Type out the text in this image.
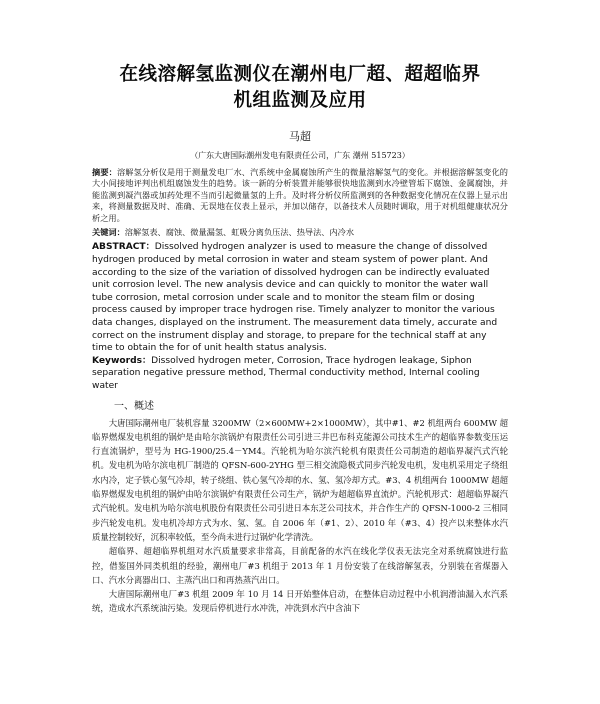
在线溶解氢监测仪在潮州电厂超、超超临界
机组监测及应用
马超
（广东大唐国际潮州发电有限责任公司，广东 潮州 515723）
摘要：溶解氢分析仪是用于测量发电厂水、汽系统中金属腐蚀所产生的微量溶解氢气的变化。并根据溶解氢变化的大小间接地评判出机组腐蚀发生的趋势。该一新的分析装置并能够很快地监测到水冷壁管垢下腐蚀、金属腐蚀，并能监测到凝汽器或加药处理不当而引起微量氢的上升。及时将分析仪所监测到的各种数据变化情况在仪器上显示出来，将测量数据及时、准确、无误地在仪表上显示，并加以储存，以备技术人员随时调取，用于对机组健康状况分析之用。
关键词：溶解氢表、腐蚀、微量漏氢、虹吸分离负压法、热导法、内冷水
ABSTRACT：Dissolved hydrogen analyzer is used to measure the change of dissolved hydrogen produced by metal corrosion in water and steam system of power plant. And according to the size of the variation of dissolved hydrogen can be indirectly evaluated unit corrosion level. The new analysis device and can quickly to monitor the water wall tube corrosion, metal corrosion under scale and to monitor the steam film or dosing process caused by improper trace hydrogen rise. Timely analyzer to monitor the various data changes, displayed on the instrument. The measurement data timely, accurate and correct on the instrument display and storage, to prepare for the technical staff at any time to obtain the for of unit health status analysis.
Keywords：Dissolved hydrogen meter, Corrosion, Trace hydrogen leakage, Siphon separation negative pressure method, Thermal conductivity method, Internal cooling water
一、概述

大唐国际潮州电厂装机容量 3200MW（2×600MW+2×1000MW），其中#1、#2 机组两台 600MW 超临界燃煤发电机组的锅炉是由哈尔滨锅炉有限责任公司引进三井巴布科克能源公司技术生产的超临界参数变压运行直流锅炉，型号为 HG-1900/25.4－YM4。汽轮机为哈尔滨汽轮机有限责任公司制造的超临界凝汽式汽轮机。发电机为哈尔滨电机厂制造的 QFSN-600-2YHG 型三相交流隐极式同步汽轮发电机，发电机采用定子绕组水内冷，定子铁心氢气冷却，转子绕组、铁心氢气冷却的水、氢、氢冷却方式。#3、4 机组两台 1000MW 超超临界燃煤发电机组的锅炉由哈尔滨锅炉有限责任公司生产，锅炉为超超临界直流炉。汽轮机形式：超超临界凝汽式汽轮机。发电机为哈尔滨电机股份有限责任公司引进日本东芝公司技术，并合作生产的 QFSN-1000-2 三相同步汽轮发电机。发电机冷却方式为水、氢、氢。自 2006 年（#1、2）、2010 年（#3、4）投产以来整体水汽质量控制较好，沉积率较低，至今尚未进行过锅炉化学清洗。

超临界、超超临界机组对水汽质量要求非常高，目前配备的水汽在线化学仪表无法完全对系统腐蚀进行监控，借鉴国外同类机组的经验，潮州电厂#3 机组于 2013 年 1 月份安装了在线溶解氢表，分别装在省煤器入口、汽水分离器出口、主蒸汽出口和再热蒸汽出口。

大唐国际潮州电厂#3 机组 2009 年 10 月 14 日开始整体启动，在整体启动过程中小机润滑油漏入水汽系统，造成水汽系统油污染。发现后停机进行水冲洗，冲洗到水汽中含油下
